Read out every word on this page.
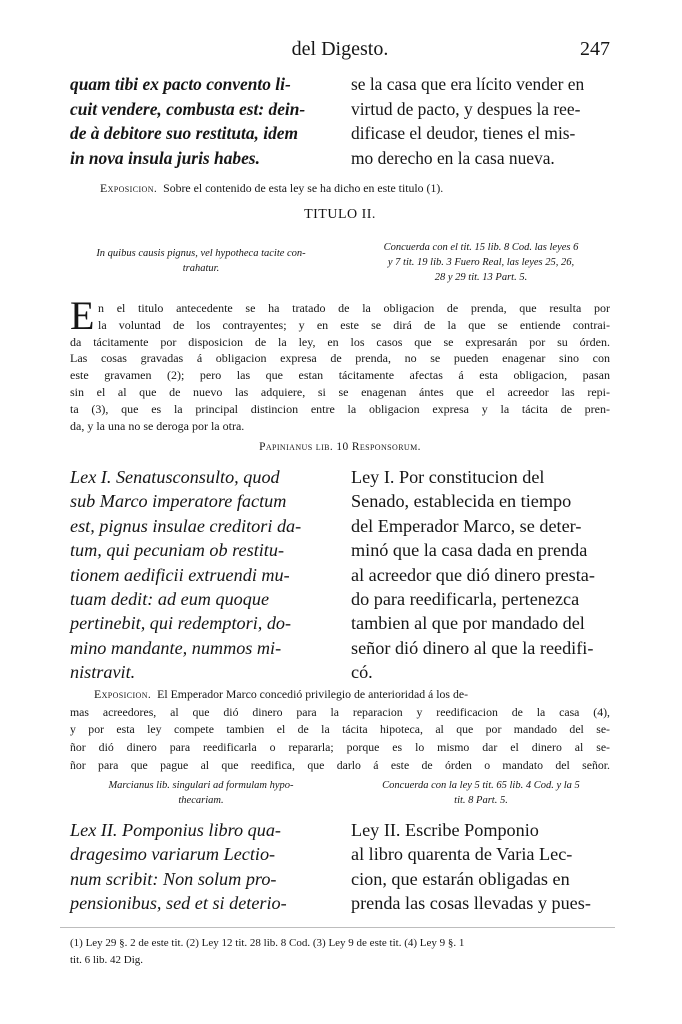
del Digesto.	247
quam tibi ex pacto convento li-
cuit vendere, combusta est: dein-
de à debitore suo restituta, idem
in nova insula juris habes.
se la casa que era lícito vender en
virtud de pacto, y despues la ree-
dificase el deudor, tienes el mis-
mo derecho en la casa nueva.
Exposicion. Sobre el contenido de esta ley se ha dicho en este titulo (1).
TITULO II.
In quibus causis pignus, vel hypotheca tacite con-
trahatur.
Concuerda con el tit. 15 lib. 8 Cod. las leyes 6
y 7 tit. 19 lib. 3 Fuero Real, las leyes 25, 26,
28 y 29 tit. 13 Part. 5.
E n el titulo antecedente se ha tratado de la obligacion de prenda, que resulta por
la voluntad de los contrayentes; y en este se dirá de la que se entiende contrai-
da tácitamente por disposicion de la ley, en los casos que se expresarán por su órden.
Las cosas gravadas á obligacion expresa de prenda, no se pueden enagenar sino con
este gravamen (2); pero las que estan tácitamente afectas á esta obligacion, pasan
sin el al que de nuevo las adquiere, si se enagenan ántes que el acreedor las repi-
ta (3), que es la principal distincion entre la obligacion expresa y la tácita de pren-
da, y la una no se deroga por la otra.
Papinianus lib. 10 Responsorum.
Lex I. Senatusconsulto, quod
sub Marco imperatore factum
est, pignus insulae creditori da-
tum, qui pecuniam ob restitu-
tionem aedificii extruendi mu-
tuam dedit: ad eum quoque
pertinebit, qui redemptori, do-
mino mandante, nummos mi-
nistravit.
Ley I. Por constitucion del
Senado, establecida en tiempo
del Emperador Marco, se deter-
minó que la casa dada en prenda
al acreedor que dió dinero presta-
do para reedificarla, pertenezca
tambien al que por mandado del
señor dió dinero al que la reedifi-
có.
Exposicion. El Emperador Marco concedió privilegio de anterioridad á los de-
mas acreedores, al que dió dinero para la reparacion y reedificacion de la casa (4),
y por esta ley compete tambien el de la tácita hipoteca, al que por mandado del se-
ñor dió dinero para reedificarla o repararla; porque es lo mismo dar el dinero al se-
ñor para que pague al que reedifica, que darlo á este de órden o mandato del señor.
Marcianus lib. singulari ad formulam hypo-
thecariam.
Concuerda con la ley 5 tit. 65 lib. 4 Cod. y la 5
tit. 8 Part. 5.
Lex II. Pomponius libro qua-
dragesimo variarum Lectio-
num scribit: Non solum pro-
pensionibus, sed et si deterio-
Ley II. Escribe Pomponio
al libro quarenta de Varia Lec-
cion, que estarán obligadas en
prenda las cosas llevadas y pues-
(1) Ley 29 §. 2 de este tit. (2) Ley 12 tit. 28 lib. 8 Cod. (3) Ley 9 de este tit. (4) Ley 9 §. 1
tit. 6 lib. 42 Dig.
